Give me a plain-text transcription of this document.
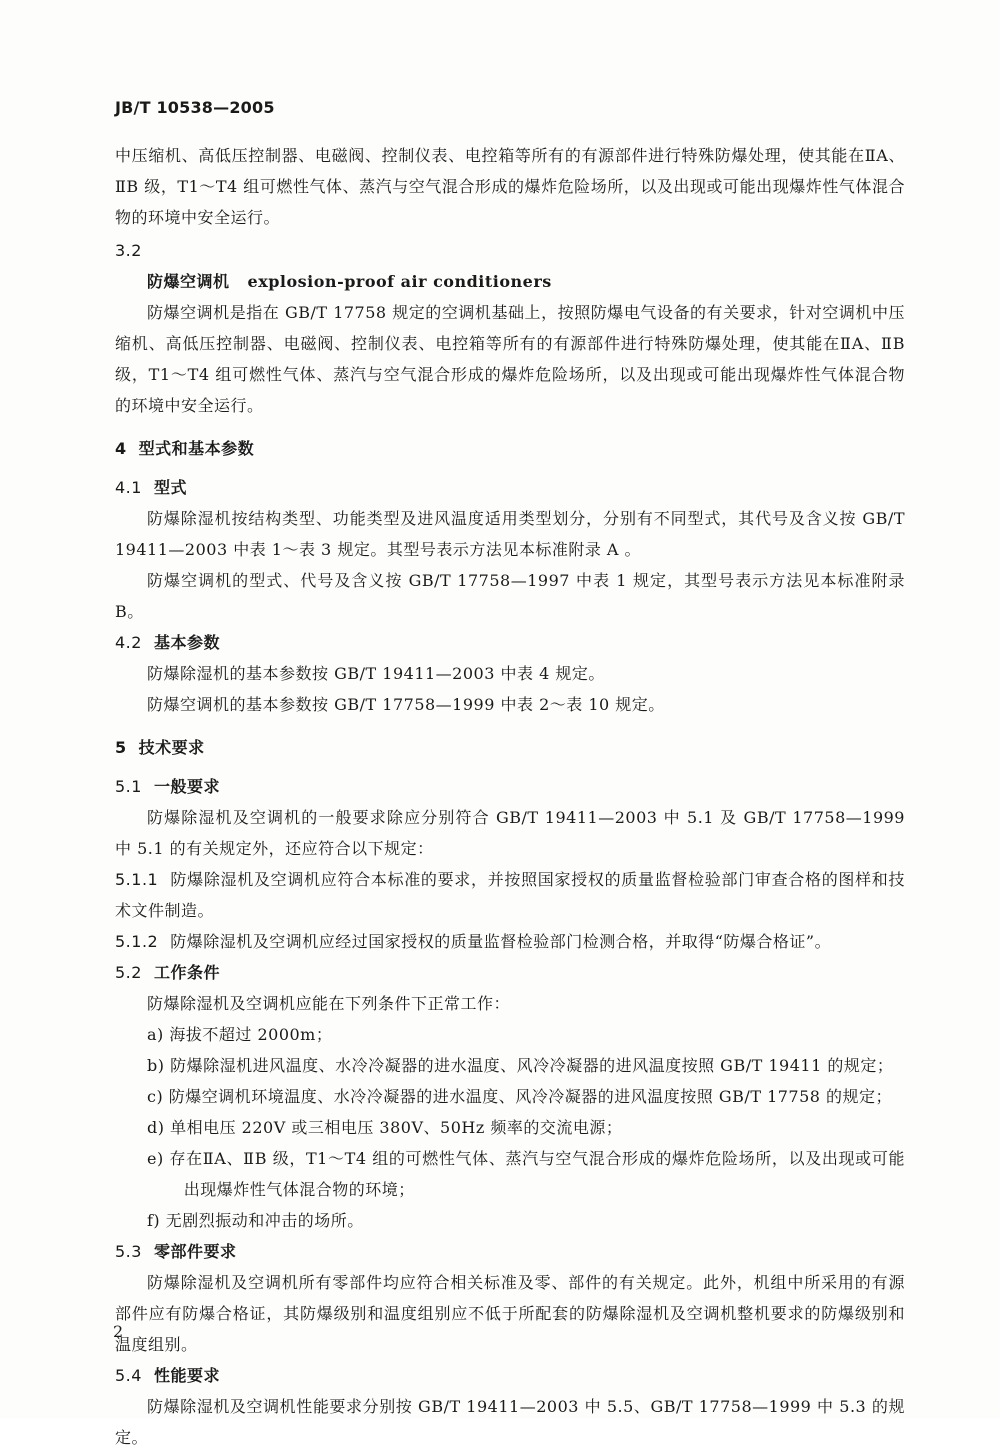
JB/T 10538—2005

中压缩机、高低压控制器、电磁阀、控制仪表、电控箱等所有的有源部件进行特殊防爆处理，使其能在ⅡA、ⅡB 级，T1～T4 组可燃性气体、蒸汽与空气混合形成的爆炸危险场所，以及出现或可能出现爆炸性气体混合物的环境中安全运行。

3.2

防爆空调机 explosion-proof air conditioners

防爆空调机是指在 GB/T 17758 规定的空调机基础上，按照防爆电气设备的有关要求，针对空调机中压缩机、高低压控制器、电磁阀、控制仪表、电控箱等所有的有源部件进行特殊防爆处理，使其能在ⅡA、ⅡB 级，T1～T4 组可燃性气体、蒸汽与空气混合形成的爆炸危险场所，以及出现或可能出现爆炸性气体混合物的环境中安全运行。

4 型式和基本参数

4.1 型式

防爆除湿机按结构类型、功能类型及进风温度适用类型划分，分别有不同型式，其代号及含义按 GB/T 19411—2003 中表 1～表 3 规定。其型号表示方法见本标准附录 A 。

防爆空调机的型式、代号及含义按 GB/T 17758—1997 中表 1 规定，其型号表示方法见本标准附录 B。

4.2 基本参数

防爆除湿机的基本参数按 GB/T 19411—2003 中表 4 规定。

防爆空调机的基本参数按 GB/T 17758—1999 中表 2～表 10 规定。

5 技术要求

5.1 一般要求

防爆除湿机及空调机的一般要求除应分别符合 GB/T 19411—2003 中 5.1 及 GB/T 17758—1999 中 5.1 的有关规定外，还应符合以下规定：

5.1.1 防爆除湿机及空调机应符合本标准的要求，并按照国家授权的质量监督检验部门审查合格的图样和技术文件制造。

5.1.2 防爆除湿机及空调机应经过国家授权的质量监督检验部门检测合格，并取得“防爆合格证”。

5.2 工作条件

防爆除湿机及空调机应能在下列条件下正常工作：

a) 海拔不超过 2000m；

b) 防爆除湿机进风温度、水冷冷凝器的进水温度、风冷冷凝器的进风温度按照 GB/T 19411 的规定；

c) 防爆空调机环境温度、水冷冷凝器的进水温度、风冷冷凝器的进风温度按照 GB/T 17758 的规定；

d) 单相电压 220V 或三相电压 380V、50Hz 频率的交流电源；

e) 存在ⅡA、ⅡB 级，T1～T4 组的可燃性气体、蒸汽与空气混合形成的爆炸危险场所，以及出现或可能出现爆炸性气体混合物的环境；

f) 无剧烈振动和冲击的场所。

5.3 零部件要求

防爆除湿机及空调机所有零部件均应符合相关标准及零、部件的有关规定。此外，机组中所采用的有源部件应有防爆合格证，其防爆级别和温度组别应不低于所配套的防爆除湿机及空调机整机要求的防爆级别和温度组别。

5.4 性能要求

防爆除湿机及空调机性能要求分别按 GB/T 19411—2003 中 5.5、GB/T 17758—1999 中 5.3 的规定。

2
